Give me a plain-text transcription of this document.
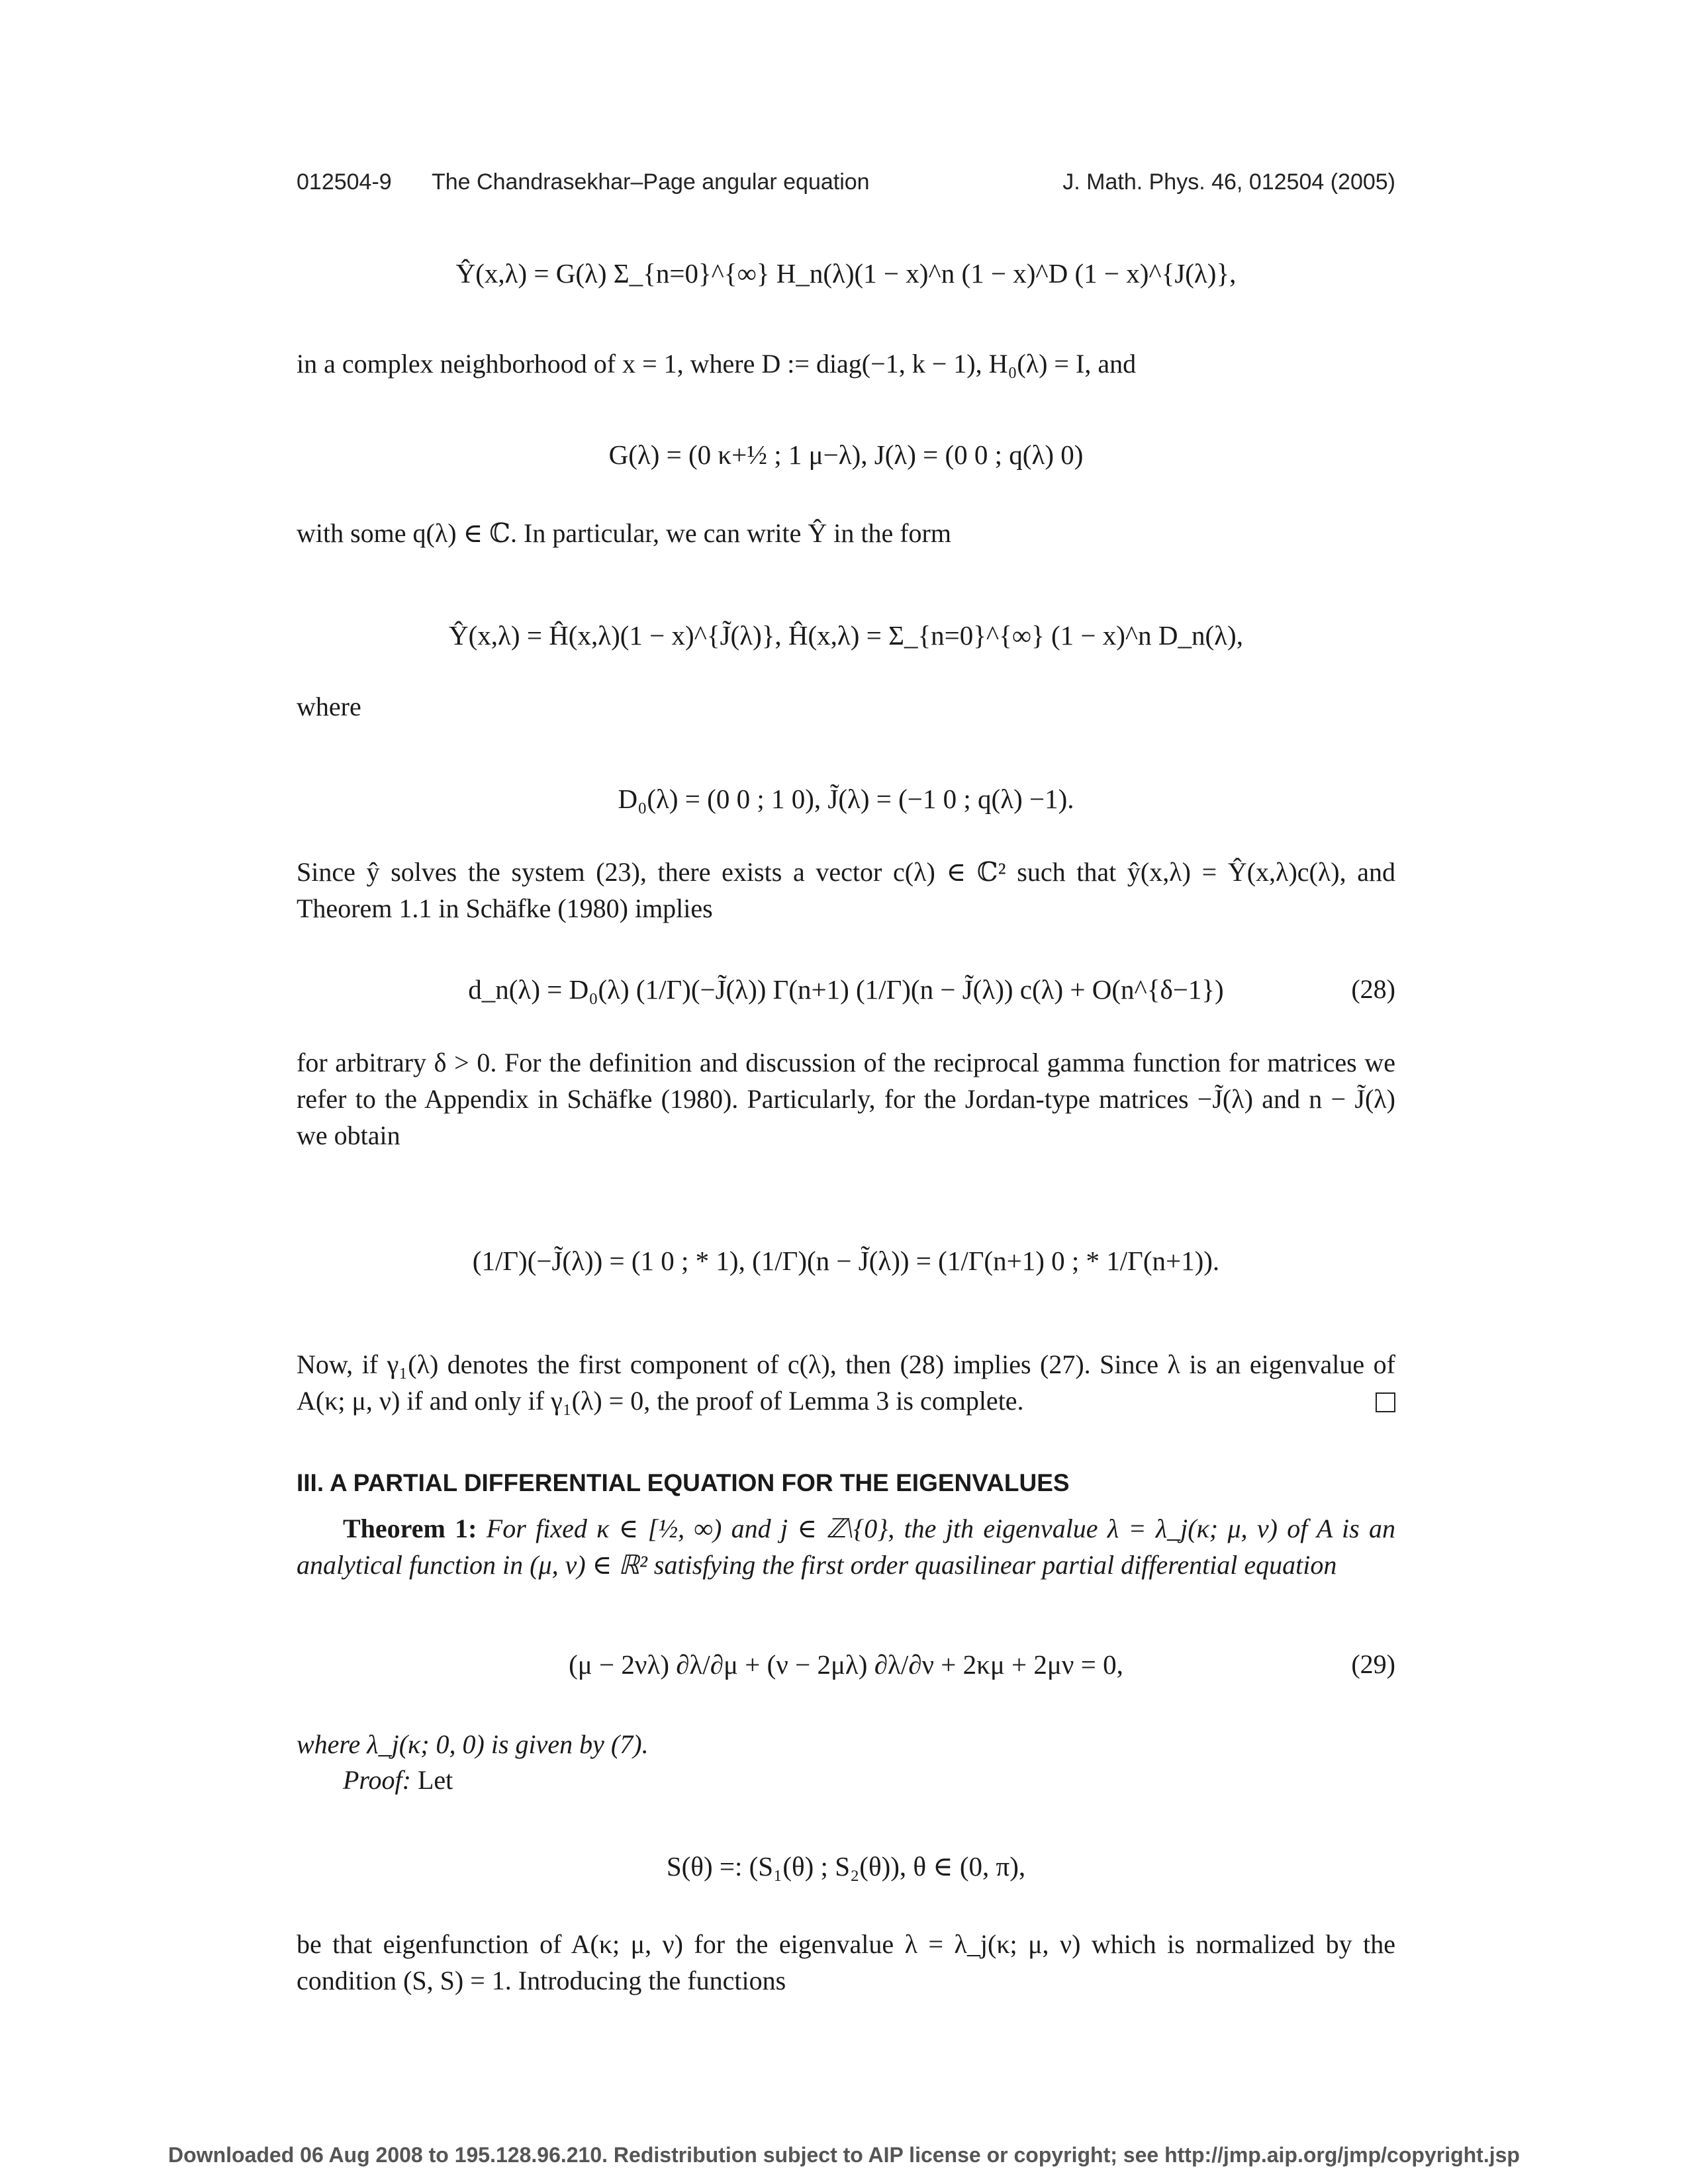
012504-9 The Chandrasekhar–Page angular equation	J. Math. Phys. 46, 012504 (2005)
Ŷ(x,λ) = G(λ) Σ_{n=0}^{∞} H_n(λ)(1 − x)^n (1 − x)^D (1 − x)^{J(λ)},
in a complex neighborhood of x = 1, where D := diag(−1, k − 1), H₀(λ) = I, and
G(λ) = (0 κ+½ ; 1 μ−λ), J(λ) = (0 0 ; q(λ) 0)
with some q(λ) ∈ ℂ. In particular, we can write Ŷ in the form
Ŷ(x,λ) = Ĥ(x,λ)(1 − x)^{J̃(λ)}, Ĥ(x,λ) = Σ_{n=0}^{∞} (1 − x)^n D_n(λ),
where
D₀(λ) = (0 0 ; 1 0), J̃(λ) = (−1 0 ; q(λ) −1).
Since ŷ solves the system (23), there exists a vector c(λ) ∈ ℂ² such that ŷ(x,λ) = Ŷ(x,λ)c(λ), and Theorem 1.1 in Schäfke (1980) implies
d_n(λ) = D₀(λ) (1/Γ)(−J̃(λ)) Γ(n+1) (1/Γ)(n − J̃(λ)) c(λ) + O(n^{δ−1})	(28)
for arbitrary δ > 0. For the definition and discussion of the reciprocal gamma function for matrices we refer to the Appendix in Schäfke (1980). Particularly, for the Jordan-type matrices −J̃(λ) and n − J̃(λ) we obtain
(1/Γ)(−J̃(λ)) = (1 0 ; * 1), (1/Γ)(n − J̃(λ)) = (1/Γ(n+1) 0 ; * 1/Γ(n+1)).
Now, if γ₁(λ) denotes the first component of c(λ), then (28) implies (27). Since λ is an eigenvalue of A(κ; μ, ν) if and only if γ₁(λ) = 0, the proof of Lemma 3 is complete.
III. A PARTIAL DIFFERENTIAL EQUATION FOR THE EIGENVALUES
Theorem 1: For fixed κ ∈ [½, ∞) and j ∈ ℤ\{0}, the jth eigenvalue λ = λ_j(κ; μ, ν) of A is an analytical function in (μ, ν) ∈ ℝ² satisfying the first order quasilinear partial differential equation
(μ − 2νλ) ∂λ/∂μ + (ν − 2μλ) ∂λ/∂ν + 2κμ + 2μν = 0,	(29)
where λ_j(κ; 0, 0) is given by (7).
Proof: Let
S(θ) =: (S₁(θ) ; S₂(θ)), θ ∈ (0, π),
be that eigenfunction of A(κ; μ, ν) for the eigenvalue λ = λ_j(κ; μ, ν) which is normalized by the condition (S, S) = 1. Introducing the functions
Downloaded 06 Aug 2008 to 195.128.96.210. Redistribution subject to AIP license or copyright; see http://jmp.aip.org/jmp/copyright.jsp
